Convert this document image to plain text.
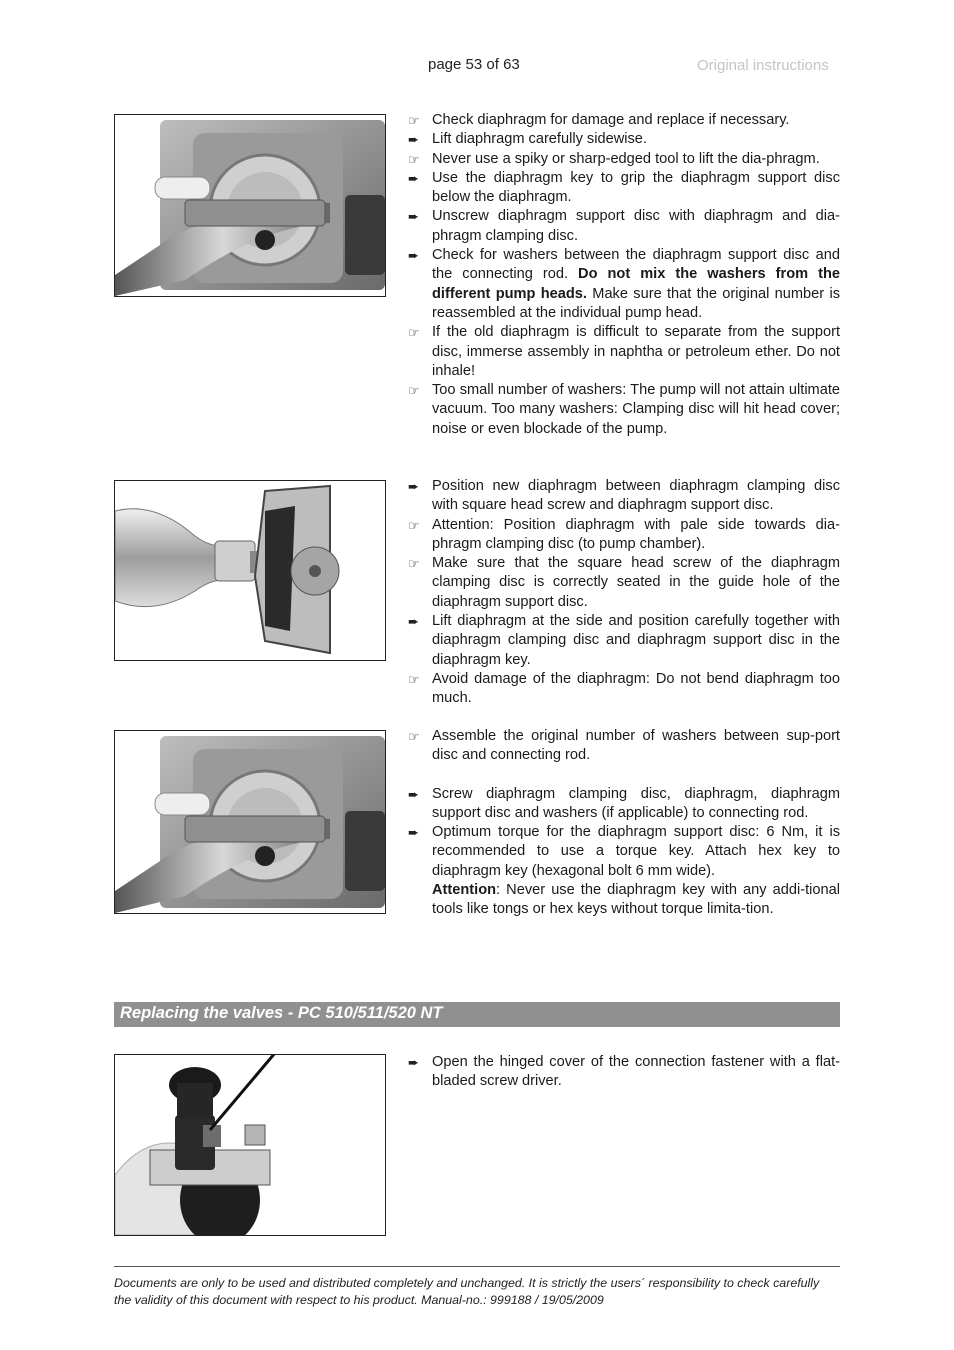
page 53 of 63	Original instructions
☞ Check diaphragm for damage and replace if necessary.
➨ Lift diaphragm carefully sidewise.
☞ Never use a spiky or sharp-edged tool to lift the dia-phragm.
➨ Use the diaphragm key to grip the diaphragm support disc below the diaphragm.
➨ Unscrew diaphragm support disc with diaphragm and dia-phragm clamping disc.
➨ Check for washers between the diaphragm support disc and the connecting rod. Do not mix the washers from the different pump heads. Make sure that the original number is reassembled at the individual pump head.
☞ If the old diaphragm is difficult to separate from the support disc, immerse assembly in naphtha or petroleum ether. Do not inhale!
☞ Too small number of washers: The pump will not attain ultimate vacuum. Too many washers: Clamping disc will hit head cover; noise or even blockade of the pump.
➨ Position new diaphragm between diaphragm clamping disc with square head screw and diaphragm support disc.
☞ Attention: Position diaphragm with pale side towards dia-phragm clamping disc (to pump chamber).
☞ Make sure that the square head screw of the diaphragm clamping disc is correctly seated in the guide hole of the diaphragm support disc.
➨ Lift diaphragm at the side and position carefully together with diaphragm clamping disc and diaphragm support disc in the diaphragm key.
☞ Avoid damage of the diaphragm: Do not bend diaphragm too much.
☞ Assemble the original number of washers between sup-port disc and connecting rod.
➨ Screw diaphragm clamping disc, diaphragm, diaphragm support disc and washers (if applicable) to connecting rod.
➨ Optimum torque for the diaphragm support disc: 6 Nm, it is recommended to use a torque key. Attach hex key to diaphragm key (hexagonal bolt 6 mm wide).
Attention: Never use the diaphragm key with any addi-tional tools like tongs or hex keys without torque limita-tion.
Replacing the valves - PC 510/511/520 NT
➨ Open the hinged cover of the connection fastener with a flat-bladed screw driver.
Documents are only to be used and distributed completely and unchanged. It is strictly the users´ responsibility to check carefully
the validity of this document with respect to his product. Manual-no.: 999188 / 19/05/2009
